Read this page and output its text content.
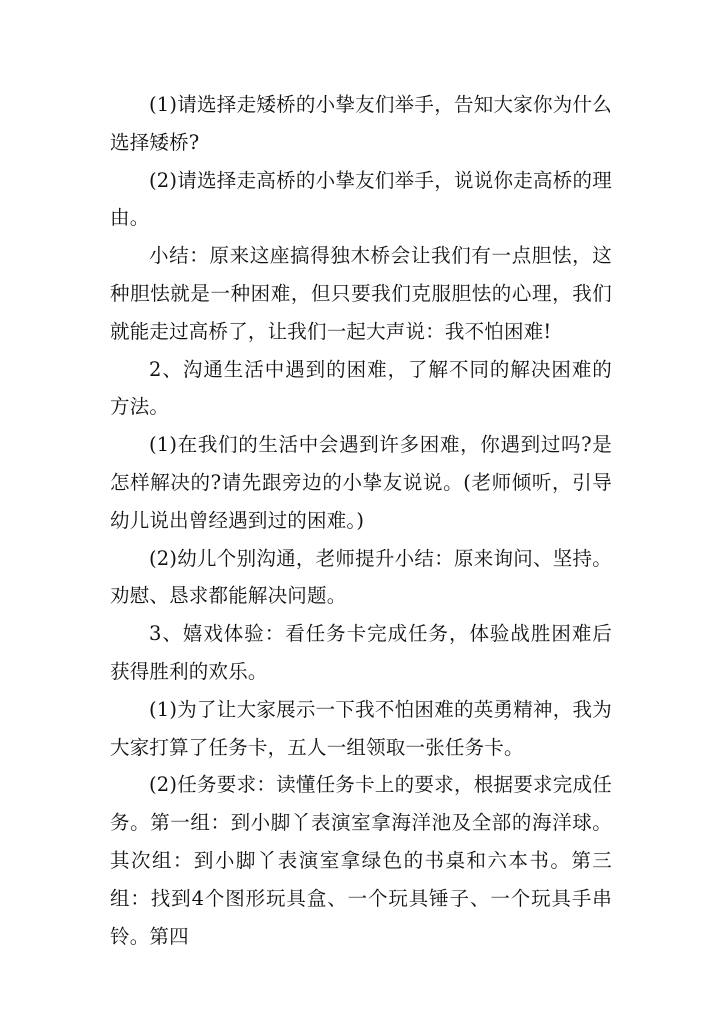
(1)请选择走矮桥的小挚友们举手，告知大家你为什么选择矮桥?

(2)请选择走高桥的小挚友们举手，说说你走高桥的理由。

小结：原来这座搞得独木桥会让我们有一点胆怯，这种胆怯就是一种困难，但只要我们克服胆怯的心理，我们就能走过高桥了，让我们一起大声说：我不怕困难!

2、沟通生活中遇到的困难，了解不同的解决困难的方法。

(1)在我们的生活中会遇到许多困难，你遇到过吗?是怎样解决的?请先跟旁边的小挚友说说。(老师倾听，引导幼儿说出曾经遇到过的困难。)

(2)幼儿个别沟通，老师提升小结：原来询问、坚持。劝慰、恳求都能解决问题。

3、嬉戏体验：看任务卡完成任务，体验战胜困难后获得胜利的欢乐。

(1)为了让大家展示一下我不怕困难的英勇精神，我为大家打算了任务卡，五人一组领取一张任务卡。

(2)任务要求：读懂任务卡上的要求，根据要求完成任务。第一组：到小脚丫表演室拿海洋池及全部的海洋球。其次组：到小脚丫表演室拿绿色的书桌和六本书。第三组：找到4个图形玩具盒、一个玩具锤子、一个玩具手串铃。第四
